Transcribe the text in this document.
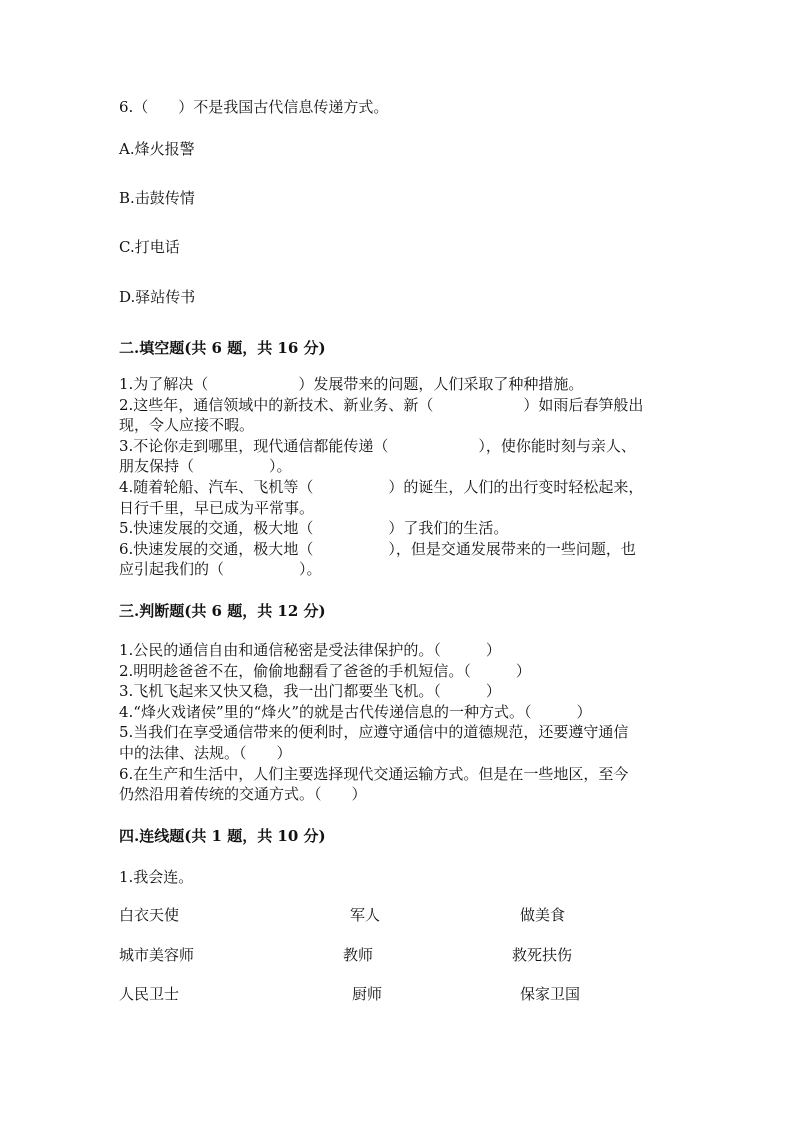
6.（　　）不是我国古代信息传递方式。
A.烽火报警
B.击鼓传情
C.打电话
D.驿站传书
二.填空题(共 6 题，共 16 分)

1.为了解决（　　　　　　）发展带来的问题，人们采取了种种措施。

2.这些年，通信领域中的新技术、新业务、新（　　　　　　）如雨后春笋般出

现，令人应接不暇。

3.不论你走到哪里，现代通信都能传递（　　　　　　），使你能时刻与亲人、

朋友保持（　　　　　）。

4.随着轮船、汽车、飞机等（　　　　　）的诞生，人们的出行变时轻松起来，

日行千里，早已成为平常事。

5.快速发展的交通，极大地（　　　　　）了我们的生活。

6.快速发展的交通，极大地（　　　　　），但是交通发展带来的一些问题，也

应引起我们的（　　　　　）。

三.判断题(共 6 题，共 12 分)

1.公民的通信自由和通信秘密是受法律保护的。（　　　）

2.明明趁爸爸不在，偷偷地翻看了爸爸的手机短信。（　　　）

3.飞机飞起来又快又稳，我一出门都要坐飞机。（　　　）

4.“烽火戏诸侯”里的“烽火”的就是古代传递信息的一种方式。（　　　）

5.当我们在享受通信带来的便利时，应遵守通信中的道德规范，还要遵守通信

中的法律、法规。（　　）

6.在生产和生活中，人们主要选择现代交通运输方式。但是在一些地区，至今

仍然沿用着传统的交通方式。（　　）

四.连线题(共 1 题，共 10 分)
1.我会连。
白衣天使	军人	做美食
城市美容师	教师	救死扶伤
人民卫士	厨师	保家卫国
